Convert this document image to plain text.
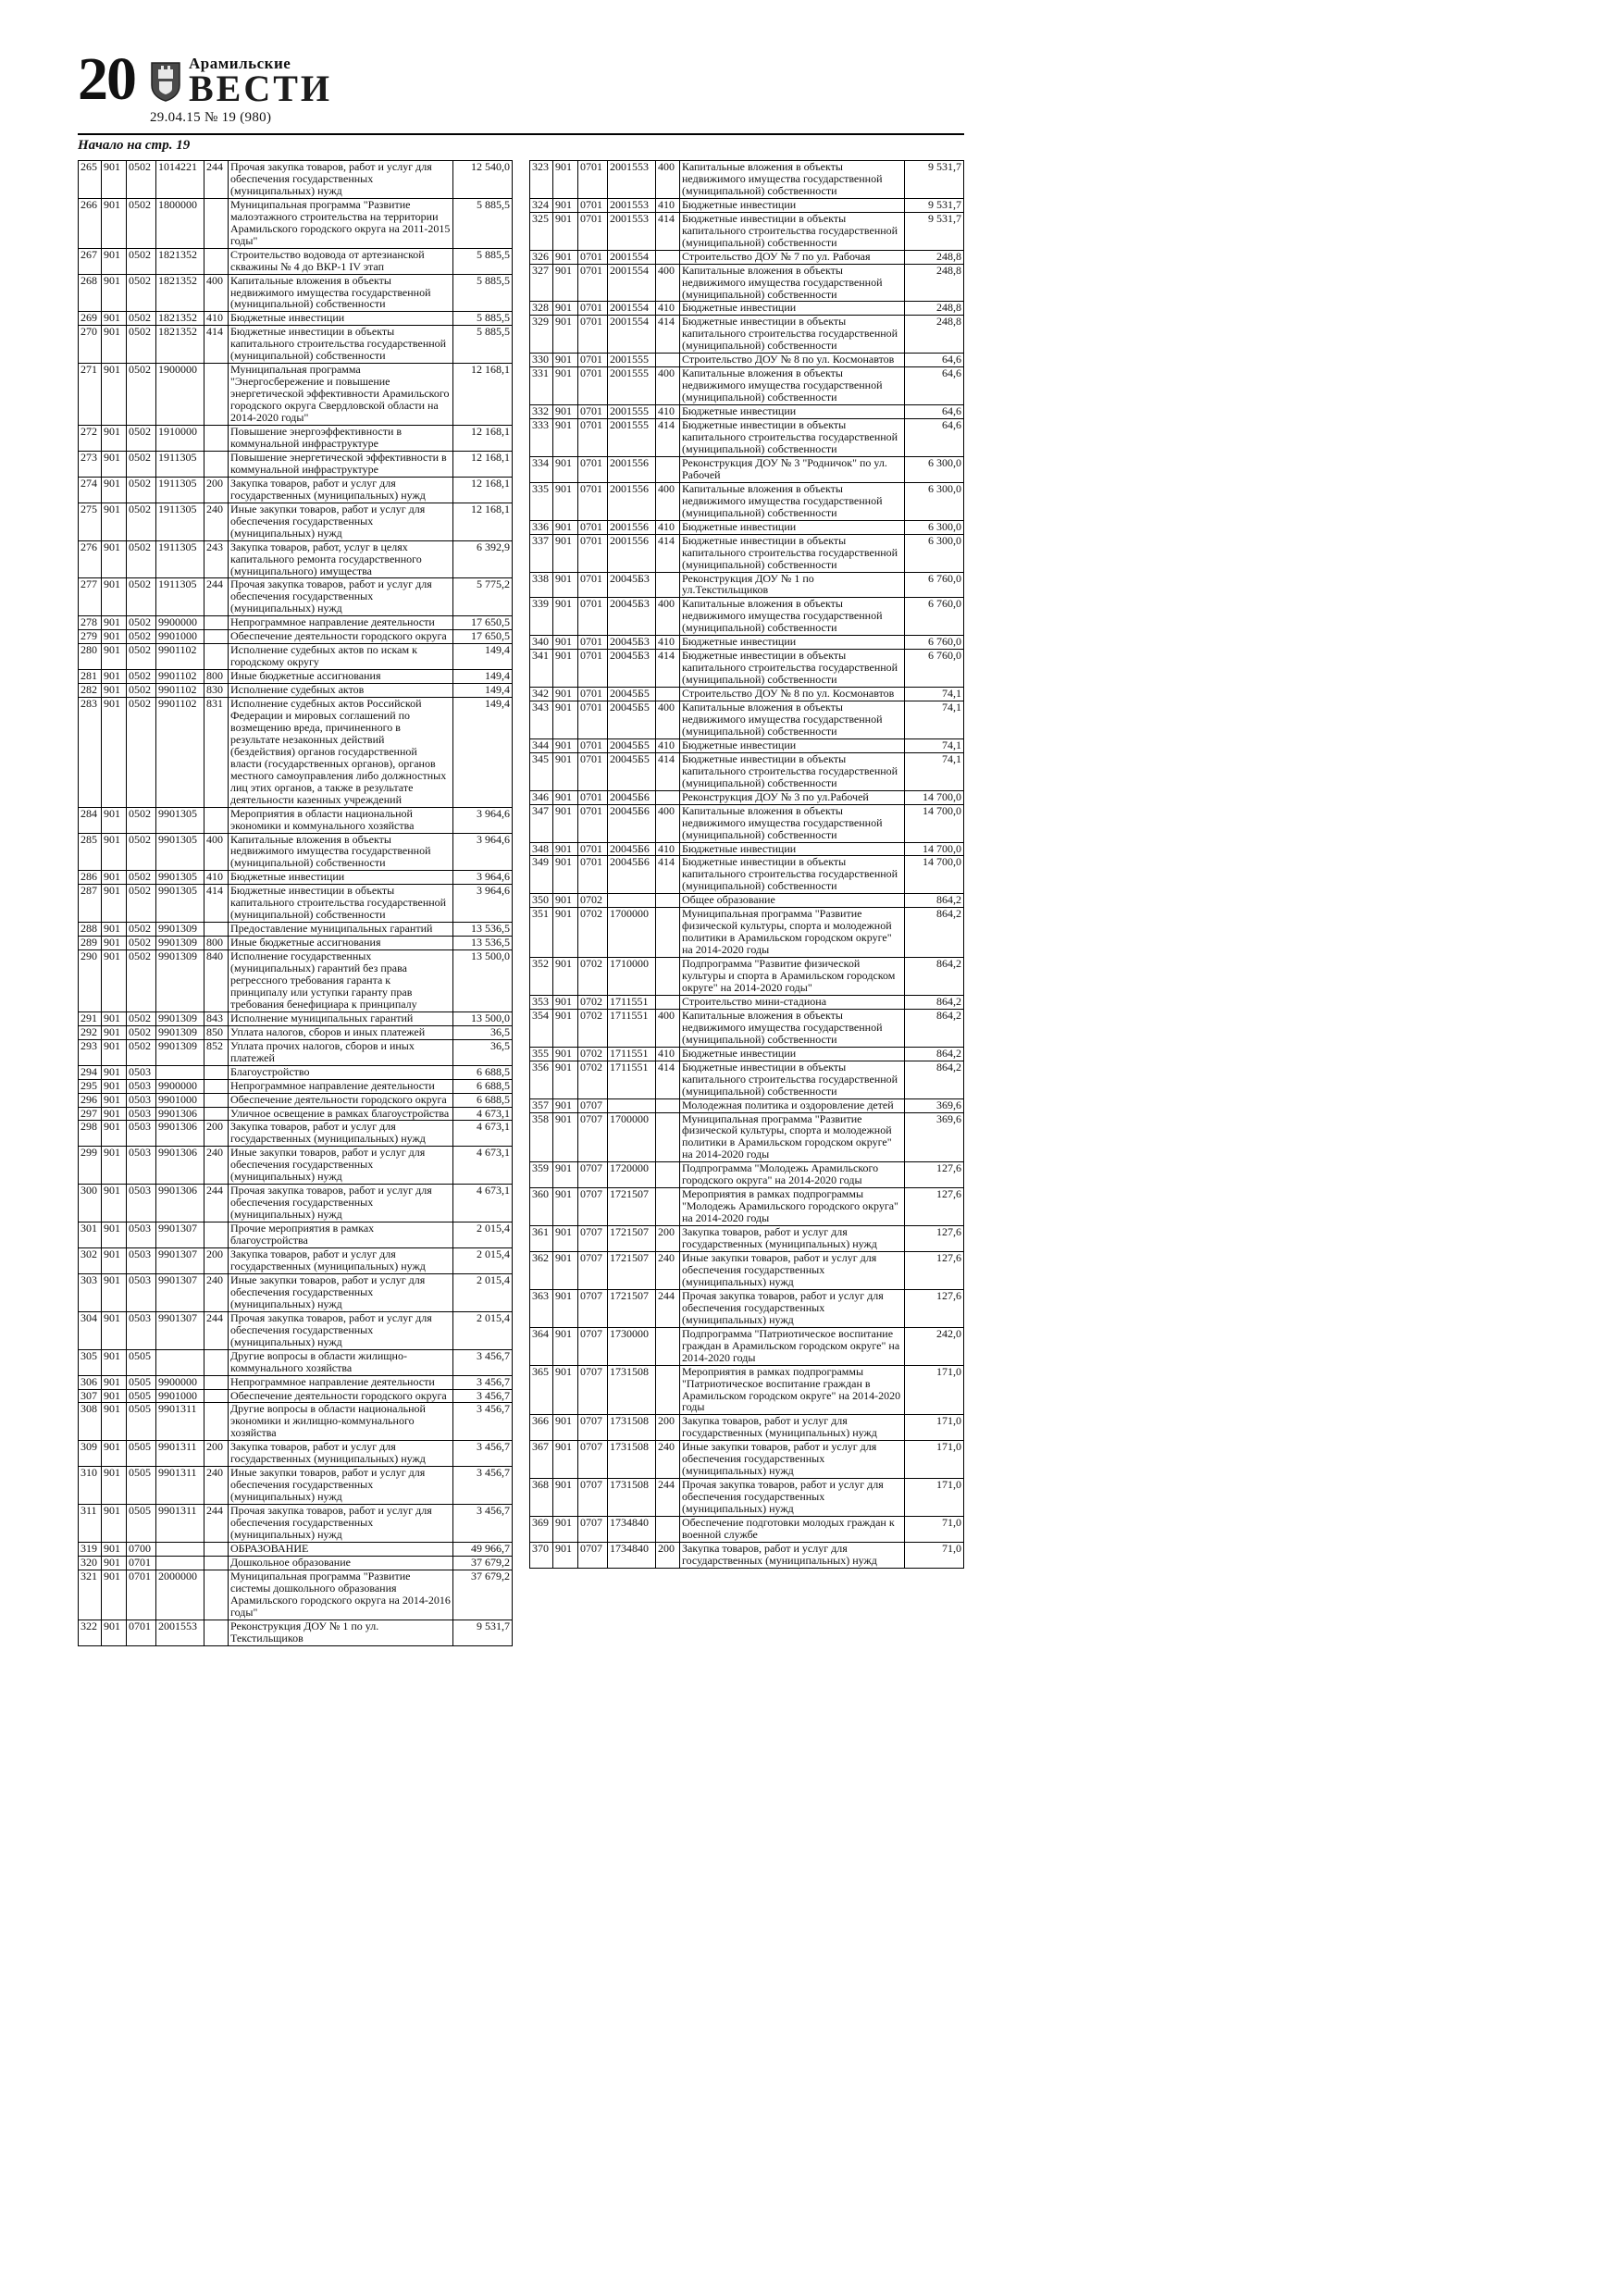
20	Арамильские
ВЕСТИ
29.04.15 № 19 (980)
Начало на стр. 19
265	901	0502	1014221	244	Прочая закупка товаров, работ и услуг для обеспечения государственных (муниципальных) нужд	12 540,0
266	901	0502	1800000		Муниципальная программа "Развитие малоэтажного строительства на территории Арамильского городского округа на 2011-2015 годы"	5 885,5
267	901	0502	1821352		Строительство водовода от артезианской скважины № 4 до ВКР-1 IV этап	5 885,5
268	901	0502	1821352	400	Капитальные вложения в объекты недвижимого имущества государственной (муниципальной) собственности	5 885,5
269	901	0502	1821352	410	Бюджетные инвестиции	5 885,5
270	901	0502	1821352	414	Бюджетные инвестиции в объекты капитального строительства государственной (муниципальной) собственности	5 885,5
271	901	0502	1900000		Муниципальная программа "Энергосбережение и повышение энергетической эффективности Арамильского городского округа Свердловской области на 2014-2020 годы"	12 168,1
272	901	0502	1910000		Повышение энергоэффективности в коммунальной инфраструктуре	12 168,1
273	901	0502	1911305		Повышение энергетической эффективности в коммунальной инфраструктуре	12 168,1
274	901	0502	1911305	200	Закупка товаров, работ и услуг для государственных (муниципальных) нужд	12 168,1
275	901	0502	1911305	240	Иные закупки товаров, работ и услуг для обеспечения государственных (муниципальных) нужд	12 168,1
276	901	0502	1911305	243	Закупка товаров, работ, услуг в целях капитального ремонта государственного (муниципального) имущества	6 392,9
277	901	0502	1911305	244	Прочая закупка товаров, работ и услуг для обеспечения государственных (муниципальных) нужд	5 775,2
278	901	0502	9900000		Непрограммное направление деятельности	17 650,5
279	901	0502	9901000		Обеспечение деятельности городского округа	17 650,5
280	901	0502	9901102		Исполнение судебных актов по искам к городскому округу	149,4
281	901	0502	9901102	800	Иные бюджетные ассигнования	149,4
282	901	0502	9901102	830	Исполнение судебных актов	149,4
283	901	0502	9901102	831	Исполнение судебных актов Российской Федерации и мировых соглашений по возмещению вреда, причиненного в результате незаконных действий (бездействия) органов государственной власти (государственных органов), органов местного самоуправления либо должностных лиц этих органов, а также в результате деятельности казенных учреждений	149,4
284	901	0502	9901305		Мероприятия в области национальной экономики и коммунального хозяйства	3 964,6
285	901	0502	9901305	400	Капитальные вложения в объекты недвижимого имущества государственной (муниципальной) собственности	3 964,6
286	901	0502	9901305	410	Бюджетные инвестиции	3 964,6
287	901	0502	9901305	414	Бюджетные инвестиции в объекты капитального строительства государственной (муниципальной) собственности	3 964,6
288	901	0502	9901309		Предоставление муниципальных гарантий	13 536,5
289	901	0502	9901309	800	Иные бюджетные ассигнования	13 536,5
290	901	0502	9901309	840	Исполнение государственных (муниципальных) гарантий без права регрессного требования гаранта к принципалу или уступки гаранту прав требования бенефициара к принципалу	13 500,0
291	901	0502	9901309	843	Исполнение муниципальных гарантий	13 500,0
292	901	0502	9901309	850	Уплата налогов, сборов и иных платежей	36,5
293	901	0502	9901309	852	Уплата прочих налогов, сборов и иных платежей	36,5
294	901	0503			Благоустройство	6 688,5
295	901	0503	9900000		Непрограммное направление деятельности	6 688,5
296	901	0503	9901000		Обеспечение деятельности городского округа	6 688,5
297	901	0503	9901306		Уличное освещение в рамках благоустройства	4 673,1
298	901	0503	9901306	200	Закупка товаров, работ и услуг для государственных (муниципальных) нужд	4 673,1
299	901	0503	9901306	240	Иные закупки товаров, работ и услуг для обеспечения государственных (муниципальных) нужд	4 673,1
300	901	0503	9901306	244	Прочая закупка товаров, работ и услуг для обеспечения государственных (муниципальных) нужд	4 673,1
301	901	0503	9901307		Прочие мероприятия в рамках благоустройства	2 015,4
302	901	0503	9901307	200	Закупка товаров, работ и услуг для государственных (муниципальных) нужд	2 015,4
303	901	0503	9901307	240	Иные закупки товаров, работ и услуг для обеспечения государственных (муниципальных) нужд	2 015,4
304	901	0503	9901307	244	Прочая закупка товаров, работ и услуг для обеспечения государственных (муниципальных) нужд	2 015,4
305	901	0505			Другие вопросы в области жилищно-коммунального хозяйства	3 456,7
306	901	0505	9900000		Непрограммное направление деятельности	3 456,7
307	901	0505	9901000		Обеспечение деятельности городского округа	3 456,7
308	901	0505	9901311		Другие вопросы в области национальной экономики и жилищно-коммунального хозяйства	3 456,7
309	901	0505	9901311	200	Закупка товаров, работ и услуг для государственных (муниципальных) нужд	3 456,7
310	901	0505	9901311	240	Иные закупки товаров, работ и услуг для обеспечения государственных (муниципальных) нужд	3 456,7
311	901	0505	9901311	244	Прочая закупка товаров, работ и услуг для обеспечения государственных (муниципальных) нужд	3 456,7
319	901	0700			ОБРАЗОВАНИЕ	49 966,7
320	901	0701			Дошкольное образование	37 679,2
321	901	0701	2000000		Муниципальная программа "Развитие системы дошкольного образования Арамильского городского округа на 2014-2016 годы"	37 679,2
322	901	0701	2001553		Реконструкция ДОУ № 1 по ул. Текстильщиков	9 531,7
323	901	0701	2001553	400	Капитальные вложения в объекты недвижимого имущества государственной (муниципальной) собственности	9 531,7
324	901	0701	2001553	410	Бюджетные инвестиции	9 531,7
325	901	0701	2001553	414	Бюджетные инвестиции в объекты капитального строительства государственной (муниципальной) собственности	9 531,7
326	901	0701	2001554		Строительство ДОУ № 7 по ул. Рабочая	248,8
327	901	0701	2001554	400	Капитальные вложения в объекты недвижимого имущества государственной (муниципальной) собственности	248,8
328	901	0701	2001554	410	Бюджетные инвестиции	248,8
329	901	0701	2001554	414	Бюджетные инвестиции в объекты капитального строительства государственной (муниципальной) собственности	248,8
330	901	0701	2001555		Строительство ДОУ № 8 по ул. Космонавтов	64,6
331	901	0701	2001555	400	Капитальные вложения в объекты недвижимого имущества государственной (муниципальной) собственности	64,6
332	901	0701	2001555	410	Бюджетные инвестиции	64,6
333	901	0701	2001555	414	Бюджетные инвестиции в объекты капитального строительства государственной (муниципальной) собственности	64,6
334	901	0701	2001556		Реконструкция ДОУ № 3 "Родничок" по ул. Рабочей	6 300,0
335	901	0701	2001556	400	Капитальные вложения в объекты недвижимого имущества государственной (муниципальной) собственности	6 300,0
336	901	0701	2001556	410	Бюджетные инвестиции	6 300,0
337	901	0701	2001556	414	Бюджетные инвестиции в объекты капитального строительства государственной (муниципальной) собственности	6 300,0
338	901	0701	20045Б3		Реконструкция ДОУ № 1 по ул.Текстильщиков	6 760,0
339	901	0701	20045Б3	400	Капитальные вложения в объекты недвижимого имущества государственной (муниципальной) собственности	6 760,0
340	901	0701	20045Б3	410	Бюджетные инвестиции	6 760,0
341	901	0701	20045Б3	414	Бюджетные инвестиции в объекты капитального строительства государственной (муниципальной) собственности	6 760,0
342	901	0701	20045Б5		Строительство ДОУ № 8 по ул. Космонавтов	74,1
343	901	0701	20045Б5	400	Капитальные вложения в объекты недвижимого имущества государственной (муниципальной) собственности	74,1
344	901	0701	20045Б5	410	Бюджетные инвестиции	74,1
345	901	0701	20045Б5	414	Бюджетные инвестиции в объекты капитального строительства государственной (муниципальной) собственности	74,1
346	901	0701	20045Б6		Реконструкция ДОУ № 3 по ул.Рабочей	14 700,0
347	901	0701	20045Б6	400	Капитальные вложения в объекты недвижимого имущества государственной (муниципальной) собственности	14 700,0
348	901	0701	20045Б6	410	Бюджетные инвестиции	14 700,0
349	901	0701	20045Б6	414	Бюджетные инвестиции в объекты капитального строительства государственной (муниципальной) собственности	14 700,0
350	901	0702			Общее образование	864,2
351	901	0702	1700000		Муниципальная программа "Развитие физической культуры, спорта и молодежной политики в Арамильском городском округе" на 2014-2020 годы	864,2
352	901	0702	1710000		Подпрограмма "Развитие физической культуры и спорта в Арамильском городском округе" на 2014-2020 годы"	864,2
353	901	0702	1711551		Строительство мини-стадиона	864,2
354	901	0702	1711551	400	Капитальные вложения в объекты недвижимого имущества государственной (муниципальной) собственности	864,2
355	901	0702	1711551	410	Бюджетные инвестиции	864,2
356	901	0702	1711551	414	Бюджетные инвестиции в объекты капитального строительства государственной (муниципальной) собственности	864,2
357	901	0707			Молодежная политика и оздоровление детей	369,6
358	901	0707	1700000		Муниципальная программа "Развитие физической культуры, спорта и молодежной политики в Арамильском городском округе" на 2014-2020 годы	369,6
359	901	0707	1720000		Подпрограмма "Молодежь Арамильского городского округа" на 2014-2020 годы	127,6
360	901	0707	1721507		Мероприятия в рамках подпрограммы "Молодежь Арамильского городского округа" на 2014-2020 годы	127,6
361	901	0707	1721507	200	Закупка товаров, работ и услуг для государственных (муниципальных) нужд	127,6
362	901	0707	1721507	240	Иные закупки товаров, работ и услуг для обеспечения государственных (муниципальных) нужд	127,6
363	901	0707	1721507	244	Прочая закупка товаров, работ и услуг для обеспечения государственных (муниципальных) нужд	127,6
364	901	0707	1730000		Подпрограмма "Патриотическое воспитание граждан в Арамильском городском округе" на 2014-2020 годы	242,0
365	901	0707	1731508		Мероприятия в рамках подпрограммы "Патриотическое воспитание граждан в Арамильском городском округе" на 2014-2020 годы	171,0
366	901	0707	1731508	200	Закупка товаров, работ и услуг для государственных (муниципальных) нужд	171,0
367	901	0707	1731508	240	Иные закупки товаров, работ и услуг для обеспечения государственных (муниципальных) нужд	171,0
368	901	0707	1731508	244	Прочая закупка товаров, работ и услуг для обеспечения государственных (муниципальных) нужд	171,0
369	901	0707	1734840		Обеспечение подготовки молодых граждан к военной службе	71,0
370	901	0707	1734840	200	Закупка товаров, работ и услуг для государственных (муниципальных) нужд	71,0
